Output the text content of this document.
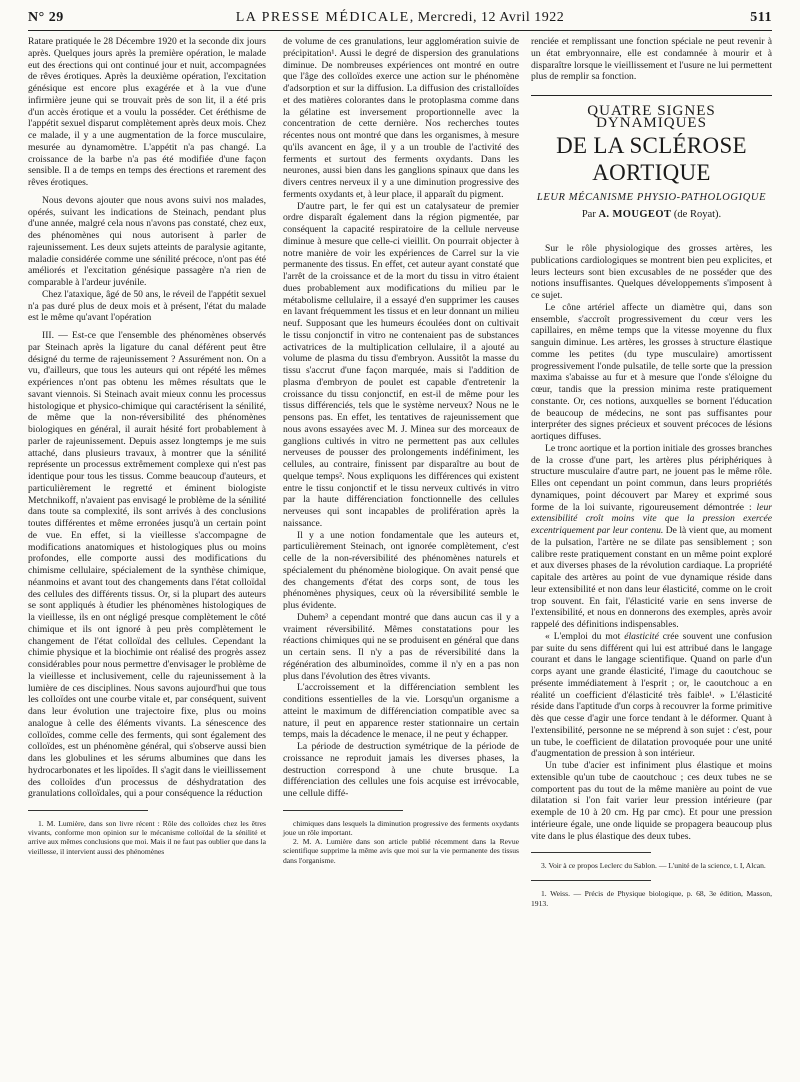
N° 29	LA PRESSE MÉDICALE, Mercredi, 12 Avril 1922	511

Ratare pratiquée le 28 Décembre 1920 et la seconde dix jours après. Quelques jours après la première opération, le malade eut des érections qui ont continué jour et nuit, accompagnées de rêves érotiques. Après la deuxième opération, l'excitation génésique est encore plus exagérée et à la vue d'une infirmière jeune qui se trouvait près de son lit, il a été pris d'un accès érotique et a voulu la posséder. Cet éréthisme de l'appétit sexuel disparut complètement après deux mois. Chez ce malade, il y a une augmentation de la force musculaire, mesurée au dynamomètre. L'appétit n'a pas changé. La croissance de la barbe n'a pas été modifiée d'une façon sensible. Il a de temps en temps des érections et rarement des rêves érotiques.

Nous devons ajouter que nous avons suivi nos malades, opérés, suivant les indications de Steinach, pendant plus d'une année, malgré cela nous n'avons pas constaté, chez eux, des phénomènes qui nous autorisent à parler de rajeunissement. Les deux sujets atteints de paralysie agitante, maladie considérée comme une sénilité précoce, n'ont pas été améliorés et l'excitation génésique passagère n'a rien de comparable à l'ardeur juvénile.

Chez l'ataxique, âgé de 50 ans, le réveil de l'appétit sexuel n'a pas duré plus de deux mois et à présent, l'état du malade est le même qu'avant l'opération

III. — Est-ce que l'ensemble des phénomènes observés par Steinach après la ligature du canal déférent peut être désigné du terme de rajeunissement ? Assurément non. On a vu, d'ailleurs, que tous les auteurs qui ont répété les mêmes expériences n'ont pas obtenu les mêmes résultats que le savant viennois. Si Steinach avait mieux connu les processus histologique et physico-chimique qui caractérisent la sénilité, de même que la non-réversibilité des phénomènes biologiques en général, il aurait hésité fort probablement à parler de rajeunissement. Depuis assez longtemps je me suis attaché, dans plusieurs travaux, à montrer que la sénilité représente un processus extrêmement complexe qui n'est pas identique pour tous les tissus. Comme beaucoup d'auteurs, et particulièrement le regretté et éminent biologiste Metchnikoff, n'avaient pas envisagé le problème de la sénilité dans toute sa complexité, ils sont arrivés à des conclusions toutes différentes et même erronées jusqu'à un certain point de vue. En effet, si la vieillesse s'accompagne de modifications anatomiques et histologiques plus ou moins profondes, elle comporte aussi des modifications du chimisme cellulaire, spécialement de la synthèse chimique, néanmoins et avant tout des changements dans l'état colloïdal des cellules des différents tissus. Or, si la plupart des auteurs se sont appliqués à étudier les phénomènes histologiques de la vieillesse, ils en ont négligé presque complètement le côté chimique et ils ont ignoré à peu près complètement le changement de l'état colloïdal des cellules. Cependant la chimie physique et la biochimie ont réalisé des progrès assez considérables pour nous permettre d'envisager le problème de la vieillesse et inclusivement, celle du rajeunissement à la lumière de ces disciplines. Nous savons aujourd'hui que tous les colloïdes ont une courbe vitale et, par conséquent, suivent dans leur évolution une trajectoire fixe, plus ou moins analogue à celle des éléments vivants. La sénescence des colloïdes, comme celle des ferments, qui sont également des colloïdes, est un phénomène général, qui s'observe aussi bien dans les globulines et les sérums albumines que dans les hydrocarbonates et les lipoïdes. Il s'agit dans le vieillissement des colloïdes d'un processus de déshydratation des granulations colloïdales, qui a pour conséquence la réduction

1. M. Lumière, dans son livre récent : Rôle des colloïdes chez les êtres vivants, conforme mon opinion sur le mécanisme colloïdal de la sénilité et arrive aux mêmes conclusions que moi. Mais il ne faut pas oublier que dans la vieillesse, il intervient aussi des phénomènes

de volume de ces granulations, leur agglomération suivie de précipitation¹. Aussi le degré de dispersion des granulations diminue. De nombreuses expériences ont montré en outre que l'âge des colloïdes exerce une action sur le phénomène d'adsorption et sur la diffusion. La diffusion des cristalloïdes et des matières colorantes dans le protoplasma comme dans la gélatine est inversement proportionnelle avec la concentration de cette dernière. Nos recherches toutes récentes nous ont montré que dans les organismes, à mesure qu'ils avancent en âge, il y a un trouble de l'activité des ferments et surtout des ferments oxydants. Dans les neurones, aussi bien dans les ganglions spinaux que dans les divers centres nerveux il y a une diminution progressive des ferments oxydants et, à leur place, il apparaît du pigment.

D'autre part, le fer qui est un catalysateur de premier ordre disparaît également dans la région pigmentée, par conséquent la capacité respiratoire de la cellule nerveuse diminue à mesure que celle-ci vieillit. On pourrait objecter à notre manière de voir les expériences de Carrel sur la vie permanente des tissus. En effet, cet auteur ayant constaté que l'arrêt de la croissance et de la mort du tissu in vitro étaient dues probablement aux modifications du milieu par le métabolisme cellulaire, il a essayé d'en supprimer les causes en lavant fréquemment les tissus et en leur donnant un milieu neuf. Supposant que les humeurs écoulées dont on cultivait le tissu conjonctif in vitro ne contenaient pas de substances activatrices de la multiplication cellulaire, il a ajouté au volume de plasma du tissu d'embryon. Aussitôt la masse du tissu s'accrut d'une façon marquée, mais si l'addition de plasma d'embryon de poulet est capable d'entretenir la croissance du tissu conjonctif, en est-il de même pour les tissus différenciés, tels que le système nerveux? Nous ne le pensons pas. En effet, les tentatives de rajeunissement que nous avons essayées avec M. J. Minea sur des morceaux de ganglions cultivés in vitro ne permettent pas aux cellules nerveuses de pousser des prolongements indéfiniment, les cellules, au contraire, finissent par disparaître au bout de quelque temps². Nous expliquons les différences qui existent entre le tissu conjonctif et le tissu nerveux cultivés in vitro par la haute différenciation fonctionnelle des cellules nerveuses qui sont incapables de prolifération après la naissance.

Il y a une notion fondamentale que les auteurs et, particulièrement Steinach, ont ignorée complètement, c'est celle de la non-réversibilité des phénomènes naturels et spécialement du phénomène biologique. On avait pensé que des changements d'état des corps sont, de tous les phénomènes physiques, ceux où la réversibilité semble le plus évidente.

Duhem³ a cependant montré que dans aucun cas il y a vraiment réversibilité. Mêmes constatations pour les réactions chimiques qui ne se produisent en général que dans un certain sens. Il n'y a pas de réversibilité dans la régénération des albuminoïdes, comme il n'y en a pas non plus dans l'évolution des êtres vivants.

L'accroissement et la différenciation semblent les conditions essentielles de la vie. Lorsqu'un organisme a atteint le maximum de différenciation compatible avec sa nature, il peut en apparence rester stationnaire un certain temps, mais la décadence le menace, il ne peut y échapper.

La période de destruction symétrique de la période de croissance ne reproduit jamais les diverses phases, la destruction correspond à une chute brusque. La différenciation des cellules une fois acquise est irrévocable, une cellule diffé-

chimiques dans lesquels la diminution progressive des ferments oxydants joue un rôle important.

2. M. A. Lumière dans son article publié récemment dans la Revue scientifique supprime la même avis que moi sur la vie permanente des tissus dans l'organisme.

renciée et remplissant une fonction spéciale ne peut revenir à un état embryonnaire, elle est condamnée à mourir et à disparaître lorsque le vieillissement et l'usure ne lui permettent plus de remplir sa fonction.

QUATRE SIGNES DYNAMIQUES
DE LA SCLÉROSE AORTIQUE
LEUR MÉCANISME PHYSIO-PATHOLOGIQUE
Par A. MOUGEOT (de Royat).

Sur le rôle physiologique des grosses artères, les publications cardiologiques se montrent bien peu explicites, et leurs lecteurs sont bien excusables de ne posséder que des notions insuffisantes. Quelques développements s'imposent à ce sujet.

Le cône artériel affecte un diamètre qui, dans son ensemble, s'accroît progressivement du cœur vers les capillaires, en même temps que la vitesse moyenne du flux sanguin diminue. Les artères, les grosses à structure élastique comme les petites (du type musculaire) amortissent progressivement l'onde pulsatile, de telle sorte que la pression maxima s'abaisse au fur et à mesure que l'onde s'éloigne du cœur, tandis que la pression minima reste pratiquement constante. Or, ces notions, auxquelles se bornent l'éducation de beaucoup de médecins, ne sont pas suffisantes pour interpréter des signes précieux et souvent précoces de lésions aortiques diffuses.

Le tronc aortique et la portion initiale des grosses branches de la crosse d'une part, les artères plus périphériques à structure musculaire d'autre part, ne jouent pas le même rôle. Elles ont cependant un point commun, dans leurs propriétés dynamiques, point découvert par Marey et exprimé sous forme de la loi suivante, rigoureusement démontrée : leur extensibilité croît moins vite que la pression exercée excentriquement par leur contenu. De là vient que, au moment de la pulsation, l'artère ne se dilate pas sensiblement ; son calibre reste pratiquement constant en un même point exploré et aux diverses phases de la révolution cardiaque. La propriété capitale des artères au point de vue dynamique réside dans leur extensibilité et non dans leur élasticité, comme on le croit trop souvent. En fait, l'élasticité varie en sens inverse de l'extensibilité, et nous en donnerons des exemples, après avoir rappelé des définitions indispensables.

« L'emploi du mot élasticité crée souvent une confusion par suite du sens différent qui lui est attribué dans le langage courant et dans le langage scientifique. Quand on parle d'un corps ayant une grande élasticité, l'image du caoutchouc se présente immédiatement à l'esprit ; or, le caoutchouc a en réalité un coefficient d'élasticité très faible¹. » L'élasticité réside dans l'aptitude d'un corps à recouvrer la forme primitive dès que cesse d'agir une force tendant à le déformer. Quant à l'extensibilité, personne ne se méprend à son sujet : c'est, pour un tube, le coefficient de dilatation provoquée pour une unité d'augmentation de pression à son intérieur.

Un tube d'acier est infiniment plus élastique et moins extensible qu'un tube de caoutchouc ; ces deux tubes ne se comportent pas du tout de la même manière au point de vue dilatation si l'on fait varier leur pression intérieure (par exemple de 10 à 20 cm. Hg par cmc). Et pour une pression intérieure égale, une onde liquide se propagera beaucoup plus vite dans le plus élastique des deux tubes.

3. Voir à ce propos Leclerc du Sablon. — L'unité de la science, t. I, Alcan.

1. Weiss. — Précis de Physique biologique, p. 68, 3e édition, Masson, 1913.
